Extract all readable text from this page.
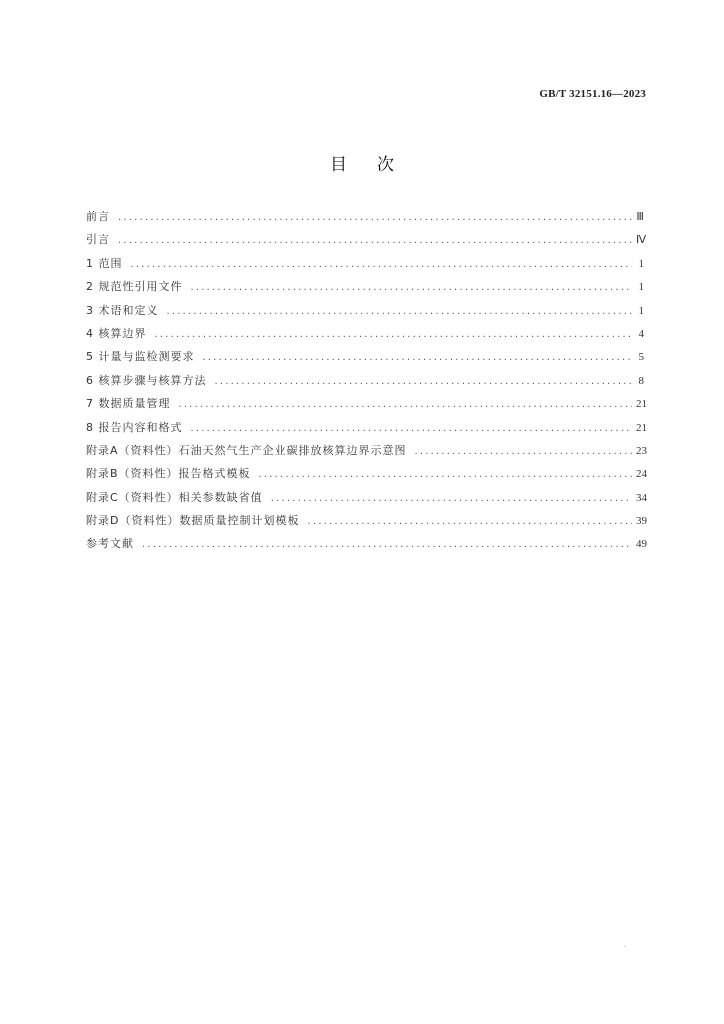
GB/T 32151.16—2023
目次
前言 .....	Ⅲ
引言 .....	Ⅳ
1 范围 .....	1
2 规范性引用文件 .....	1
3 术语和定义 .....	1
4 核算边界 .....	4
5 计量与监检测要求 .....	5
6 核算步骤与核算方法 .....	8
7 数据质量管理 .....	21
8 报告内容和格式 .....	21
附录A（资料性）石油天然气生产企业碳排放核算边界示意图 .....	23
附录B（资料性）报告格式模板 .....	24
附录C（资料性）相关参数缺省值 .....	34
附录D（资料性）数据质量控制计划模板 .....	39
参考文献 .....	49
·
